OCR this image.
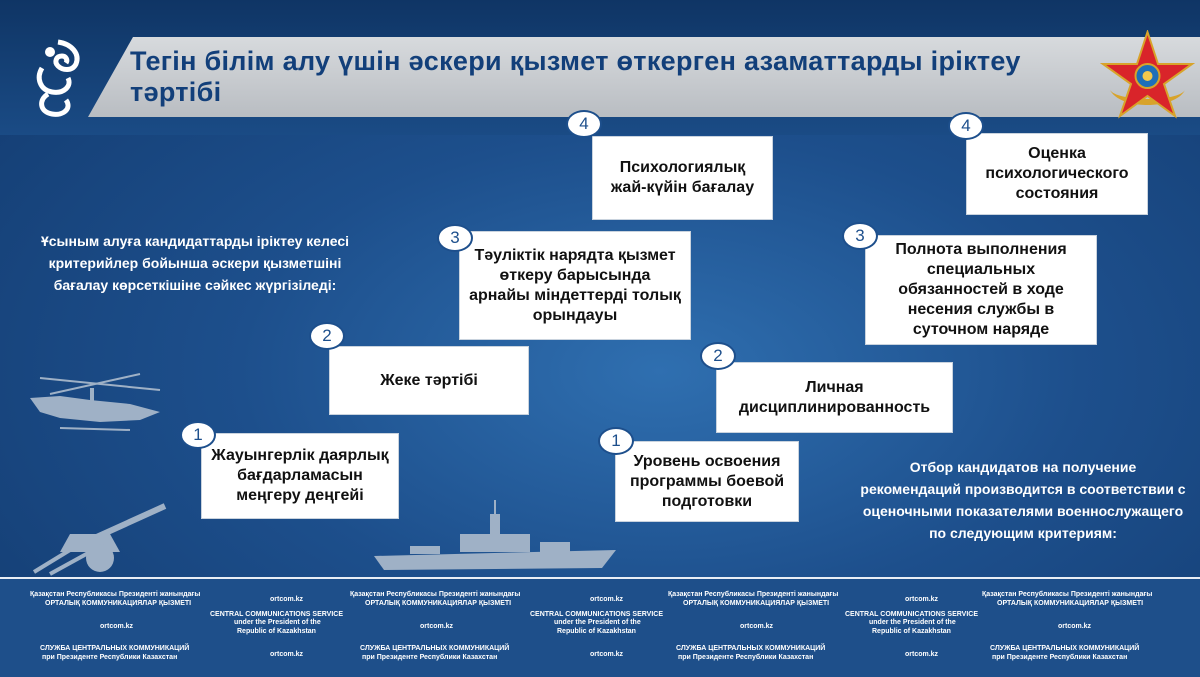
Тегін білім алу үшін әскери қызмет өткерген азаматтарды іріктеу тәртібі
Ұсыным алуға кандидаттарды іріктеу келесі критерийлер бойынша әскери қызметшіні бағалау көрсеткішіне сәйкес жүргізіледі:
Отбор кандидатов на получение рекомендаций производится в соответствии с оценочными показателями военнослужащего по следующим критериям:
Жауынгерлік даярлық бағдарламасын меңгеру деңгейі
1
Жеке тәртібі
2
Тәуліктік нарядта қызмет өткеру барысында арнайы міндеттерді толық орындауы
3
Психологиялық жай-күйін бағалау
4
Уровень освоения программы боевой подготовки
1
Личная дисциплинированность
2
Полнота выполнения специальных обязанностей в ходе несения службы в суточном наряде
3
Оценка психологического состояния
4
Қазақстан Республикасы Президенті жанындағы
ОРТАЛЫҚ КОММУНИКАЦИЯЛАР ҚЫЗМЕТІ
ortcom.kz
CENTRAL COMMUNICATIONS SERVICE
under the President of the
Republic of Kazakhstan
ortcom.kz
СЛУЖБА ЦЕНТРАЛЬНЫХ КОММУНИКАЦИЙ
при Президенте Республики Казахстан	ortcom.kz
Қазақстан Республикасы Президенті жанындағы
ОРТАЛЫҚ КОММУНИКАЦИЯЛАР ҚЫЗМЕТІ
ortcom.kz
CENTRAL COMMUNICATIONS SERVICE
under the President of the
Republic of Kazakhstan
ortcom.kz
СЛУЖБА ЦЕНТРАЛЬНЫХ КОММУНИКАЦИЙ
при Президенте Республики Казахстан	ortcom.kz
Қазақстан Республикасы Президенті жанындағы
ОРТАЛЫҚ КОММУНИКАЦИЯЛАР ҚЫЗМЕТІ
ortcom.kz
CENTRAL COMMUNICATIONS SERVICE
under the President of the
Republic of Kazakhstan
ortcom.kz
СЛУЖБА ЦЕНТРАЛЬНЫХ КОММУНИКАЦИЙ
при Президенте Республики Казахстан	ortcom.kz
Қазақстан Республикасы Президенті жанындағы
ОРТАЛЫҚ КОММУНИКАЦИЯЛАР ҚЫЗМЕТІ
ortcom.kz
СЛУЖБА ЦЕНТРАЛЬНЫХ КОММУНИКАЦИЙ
при Президенте Республики Казахстан
